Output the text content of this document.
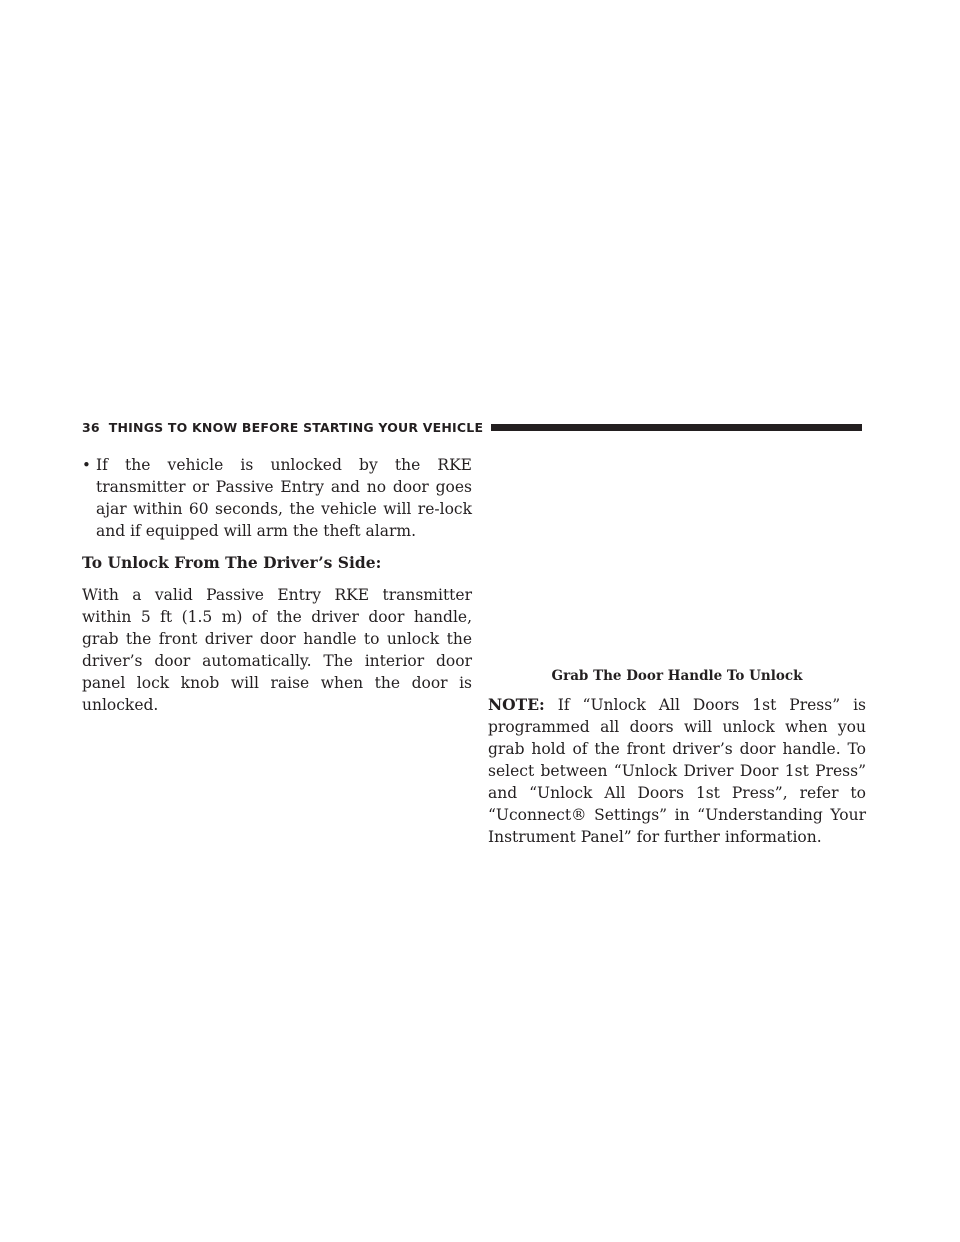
36 THINGS TO KNOW BEFORE STARTING YOUR VEHICLE
• If the vehicle is unlocked by the RKE transmitter or Passive Entry and no door goes ajar within 60 seconds, the vehicle will re-lock and if equipped will arm the theft alarm.

To Unlock From The Driver’s Side:

With a valid Passive Entry RKE transmitter within 5 ft (1.5 m) of the driver door handle, grab the front driver door handle to unlock the driver’s door automatically. The interior door panel lock knob will raise when the door is unlocked.

Grab The Door Handle To Unlock

NOTE: If “Unlock All Doors 1st Press” is programmed all doors will unlock when you grab hold of the front driver’s door handle. To select between “Unlock Driver Door 1st Press” and “Unlock All Doors 1st Press”, refer to “Uconnect® Settings” in “Understanding Your Instrument Panel” for further information.
